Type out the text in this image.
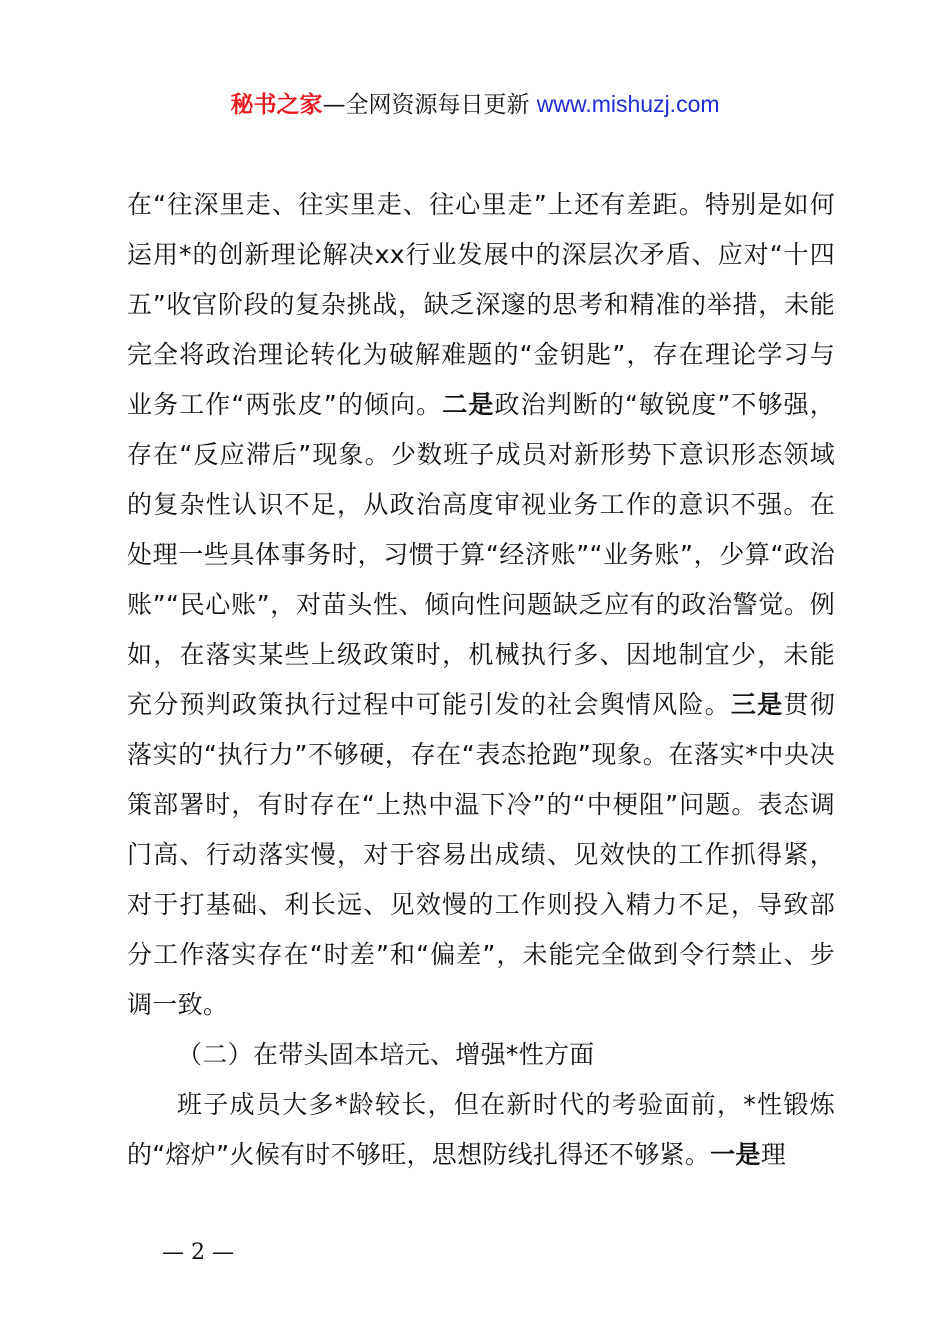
秘书之家—全网资源每日更新 www.mishuzj.com

在“往深里走、往实里走、往心里走”上还有差距。特别是如何运用*的创新理论解决xx行业发展中的深层次矛盾、应对“十四五”收官阶段的复杂挑战，缺乏深邃的思考和精准的举措，未能完全将政治理论转化为破解难题的“金钥匙”，存在理论学习与业务工作“两张皮”的倾向。二是政治判断的“敏锐度”不够强，存在“反应滞后”现象。少数班子成员对新形势下意识形态领域的复杂性认识不足，从政治高度审视业务工作的意识不强。在处理一些具体事务时，习惯于算“经济账”“业务账”，少算“政治账”“民心账”，对苗头性、倾向性问题缺乏应有的政治警觉。例如，在落实某些上级政策时，机械执行多、因地制宜少，未能充分预判政策执行过程中可能引发的社会舆情风险。三是贯彻落实的“执行力”不够硬，存在“表态抢跑”现象。在落实*中央决策部署时，有时存在“上热中温下冷”的“中梗阻”问题。表态调门高、行动落实慢，对于容易出成绩、见效快的工作抓得紧，对于打基础、利长远、见效慢的工作则投入精力不足，导致部分工作落实存在“时差”和“偏差”，未能完全做到令行禁止、步调一致。

（二）在带头固本培元、增强*性方面

班子成员大多*龄较长，但在新时代的考验面前，*性锻炼的“熔炉”火候有时不够旺，思想防线扎得还不够紧。一是理

— 2 —
